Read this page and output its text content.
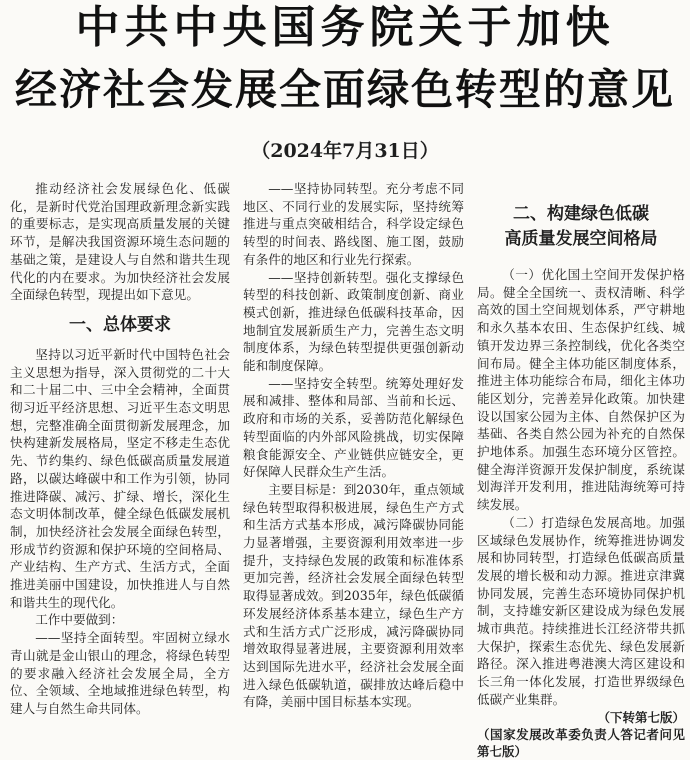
中共中央国务院关于加快
经济社会发展全面绿色转型的意见
（2024年7月31日）

推动经济社会发展绿色化、低碳化，是新时代党治国理政新理念新实践的重要标志，是实现高质量发展的关键环节，是解决我国资源环境生态问题的基础之策，是建设人与自然和谐共生现代化的内在要求。为加快经济社会发展全面绿色转型，现提出如下意见。

一、总体要求

坚持以习近平新时代中国特色社会主义思想为指导，深入贯彻党的二十大和二十届二中、三中全会精神，全面贯彻习近平经济思想、习近平生态文明思想，完整准确全面贯彻新发展理念，加快构建新发展格局，坚定不移走生态优先、节约集约、绿色低碳高质量发展道路，以碳达峰碳中和工作为引领，协同推进降碳、减污、扩绿、增长，深化生态文明体制改革，健全绿色低碳发展机制，加快经济社会发展全面绿色转型，形成节约资源和保护环境的空间格局、产业结构、生产方式、生活方式，全面推进美丽中国建设，加快推进人与自然和谐共生的现代化。

工作中要做到：

——坚持全面转型。牢固树立绿水青山就是金山银山的理念，将绿色转型的要求融入经济社会发展全局，全方位、全领域、全地域推进绿色转型，构建人与自然生命共同体。

——坚持协同转型。充分考虑不同地区、不同行业的发展实际，坚持统筹推进与重点突破相结合，科学设定绿色转型的时间表、路线图、施工图，鼓励有条件的地区和行业先行探索。

——坚持创新转型。强化支撑绿色转型的科技创新、政策制度创新、商业模式创新，推进绿色低碳科技革命，因地制宜发展新质生产力，完善生态文明制度体系，为绿色转型提供更强创新动能和制度保障。

——坚持安全转型。统筹处理好发展和减排、整体和局部、当前和长远、政府和市场的关系，妥善防范化解绿色转型面临的内外部风险挑战，切实保障粮食能源安全、产业链供应链安全，更好保障人民群众生产生活。

主要目标是：到2030年，重点领域绿色转型取得积极进展，绿色生产方式和生活方式基本形成，减污降碳协同能力显著增强，主要资源利用效率进一步提升，支持绿色发展的政策和标准体系更加完善，经济社会发展全面绿色转型取得显著成效。到2035年，绿色低碳循环发展经济体系基本建立，绿色生产方式和生活方式广泛形成，减污降碳协同增效取得显著进展，主要资源利用效率达到国际先进水平，经济社会发展全面进入绿色低碳轨道，碳排放达峰后稳中有降，美丽中国目标基本实现。

二、构建绿色低碳
高质量发展空间格局

（一）优化国土空间开发保护格局。健全全国统一、责权清晰、科学高效的国土空间规划体系，严守耕地和永久基本农田、生态保护红线、城镇开发边界三条控制线，优化各类空间布局。健全主体功能区制度体系，推进主体功能综合布局，细化主体功能区划分，完善差异化政策。加快建设以国家公园为主体、自然保护区为基础、各类自然公园为补充的自然保护地体系。加强生态环境分区管控。健全海洋资源开发保护制度，系统谋划海洋开发利用，推进陆海统筹可持续发展。

（二）打造绿色发展高地。加强区域绿色发展协作，统筹推进协调发展和协同转型，打造绿色低碳高质量发展的增长极和动力源。推进京津冀协同发展，完善生态环境协同保护机制，支持雄安新区建设成为绿色发展城市典范。持续推进长江经济带共抓大保护，探索生态优先、绿色发展新路径。深入推进粤港澳大湾区建设和长三角一体化发展，打造世界级绿色低碳产业集群。

（下转第七版）

（国家发展改革委负责人答记者问见第七版）
